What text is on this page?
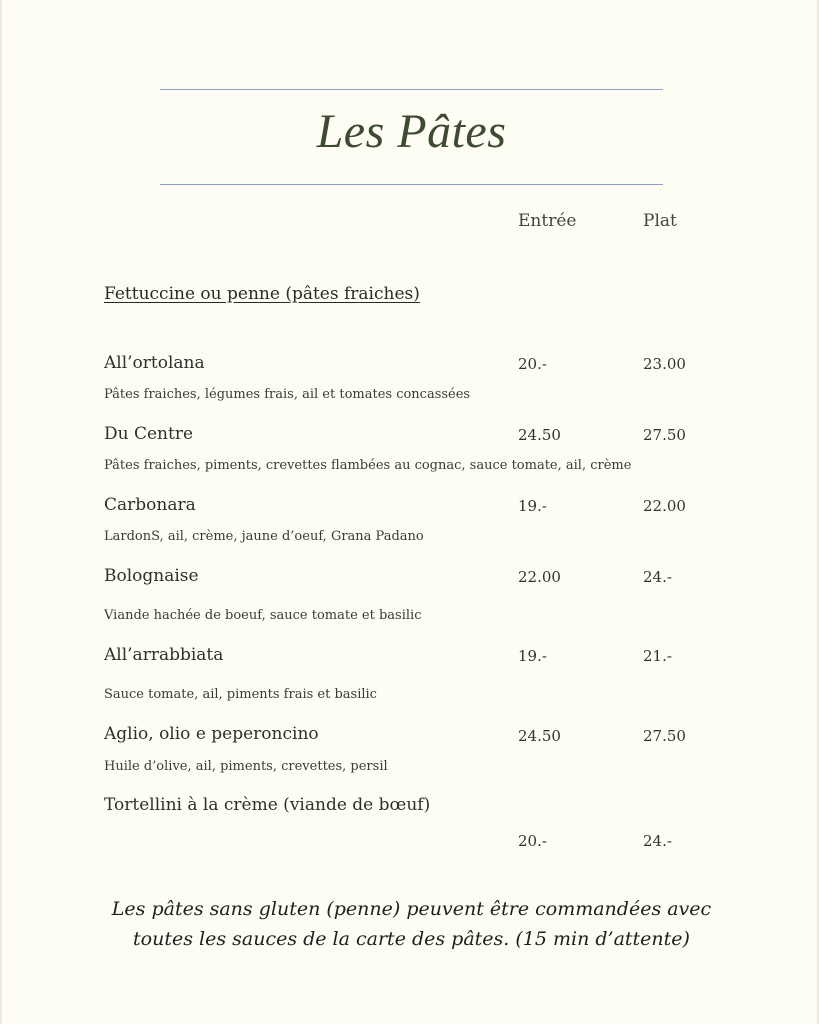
Les Pâtes
Entrée	Plat
Fettuccine ou penne (pâtes fraiches)
All’ortolana	20.-	23.00
Pâtes fraiches, légumes frais, ail et tomates concassées
Du Centre	24.50	27.50
Pâtes fraiches, piments, crevettes flambées au cognac, sauce tomate, ail, crème
Carbonara	19.-	22.00
LardonS, ail, crème, jaune d’oeuf, Grana Padano
Bolognaise	22.00	24.-
Viande hachée de boeuf, sauce tomate et basilic
All’arrabbiata	19.-	21.-
Sauce tomate, ail, piments frais et basilic
Aglio, olio e peperoncino	24.50	27.50
Huile d’olive, ail, piments, crevettes, persil
Tortellini à la crème (viande de bœuf)
20.-	24.-
Les pâtes sans gluten (penne) peuvent être commandées avec toutes les sauces de la carte des pâtes. (15 min d’attente)
